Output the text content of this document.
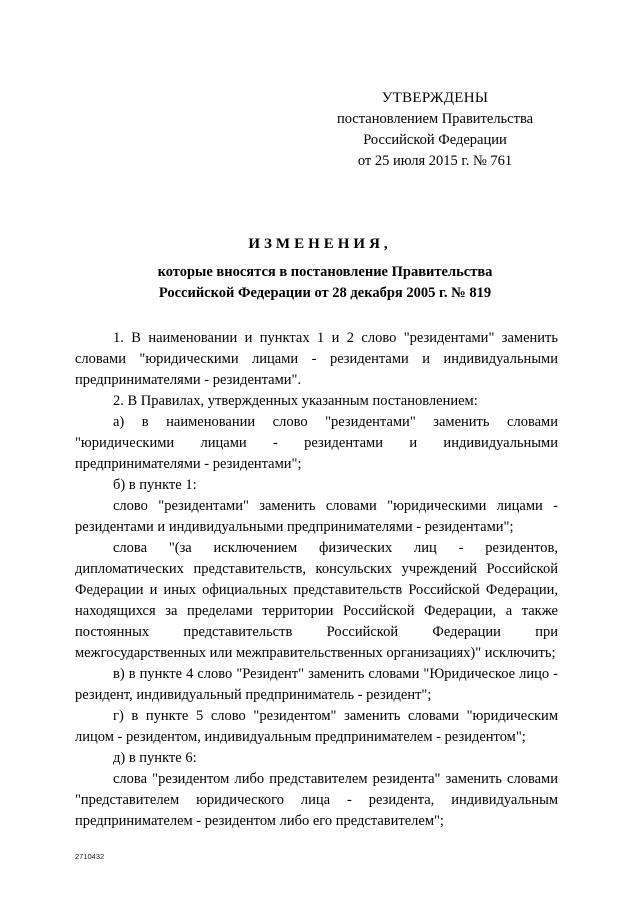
УТВЕРЖДЕНЫ
постановлением Правительства
Российской Федерации
от 25 июля 2015 г. № 761
ИЗМЕНЕНИЯ,
которые вносятся в постановление Правительства
Российской Федерации от 28 декабря 2005 г. № 819

1. В наименовании и пунктах 1 и 2 слово "резидентами" заменить словами "юридическими лицами - резидентами и индивидуальными предпринимателями - резидентами".

2. В Правилах, утвержденных указанным постановлением:

а) в наименовании слово "резидентами" заменить словами "юридическими лицами - резидентами и индивидуальными предпринимателями - резидентами";

б) в пункте 1:

слово "резидентами" заменить словами "юридическими лицами - резидентами и индивидуальными предпринимателями - резидентами";

слова "(за исключением физических лиц - резидентов, дипломатических представительств, консульских учреждений Российской Федерации и иных официальных представительств Российской Федерации, находящихся за пределами территории Российской Федерации, а также постоянных представительств Российской Федерации при межгосударственных или межправительственных организациях)" исключить;

в) в пункте 4 слово "Резидент" заменить словами "Юридическое лицо - резидент, индивидуальный предприниматель - резидент";

г) в пункте 5 слово "резидентом" заменить словами "юридическим лицом - резидентом, индивидуальным предпринимателем - резидентом";

д) в пункте 6:

слова "резидентом либо представителем резидента" заменить словами "представителем юридического лица - резидента, индивидуальным предпринимателем - резидентом либо его представителем";

2710432
